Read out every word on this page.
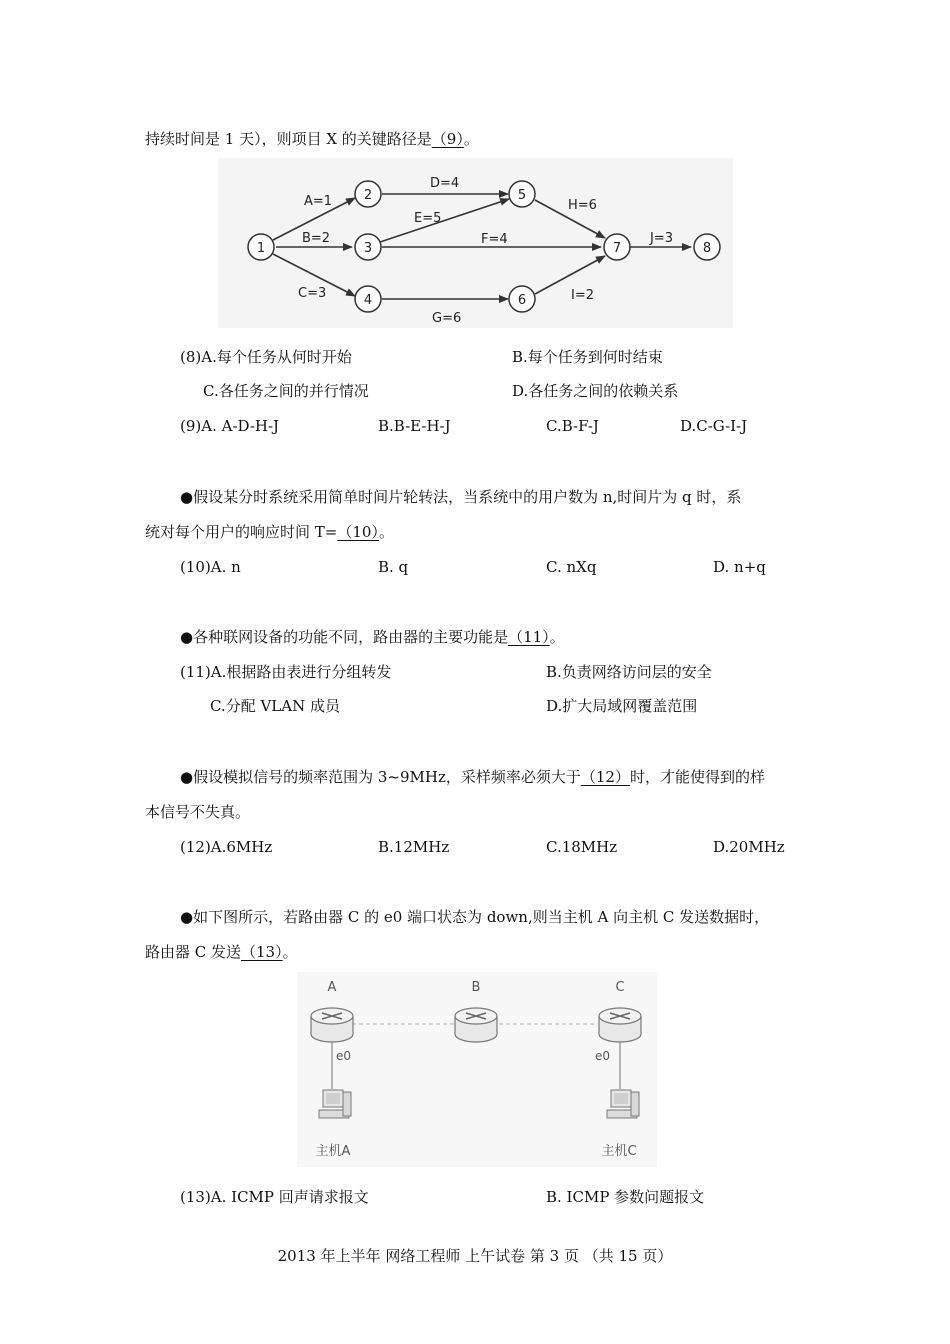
持续时间是 1 天），则项目 X 的关键路径是（9）。
1
2
3
4
5
6
7	8
A=1
B=2
C=3
D=4
E=5
F=4
G=6
H=6
I=2
J=3
(8)A.每个任务从何时开始	B.每个任务到何时结束
C.各任务之间的并行情况	D.各任务之间的依赖关系
(9)A. A-D-H-J	B.B-E-H-J	C.B-F-J	D.C-G-I-J
●假设某分时系统采用简单时间片轮转法，当系统中的用户数为 n,时间片为 q 时，系
统对每个用户的响应时间 T=（10）。
(10)A. n	B. q	C. nXq	D. n+q
●各种联网设备的功能不同，路由器的主要功能是（11）。
(11)A.根据路由表进行分组转发	B.负责网络访问层的安全
C.分配 VLAN 成员	D.扩大局域网覆盖范围
●假设模拟信号的频率范围为 3~9MHz，采样频率必须大于（12）时，才能使得到的样
本信号不失真。
(12)A.6MHz	B.12MHz	C.18MHz	D.20MHz
●如下图所示，若路由器 C 的 e0 端口状态为 down,则当主机 A 向主机 C 发送数据时，
路由器 C 发送（13）。
A	B	C
e0	e0
主机A	主机C
(13)A. ICMP 回声请求报文	B. ICMP 参数问题报文
2013 年上半年 网络工程师 上午试卷 第 3 页 （共 15 页）
